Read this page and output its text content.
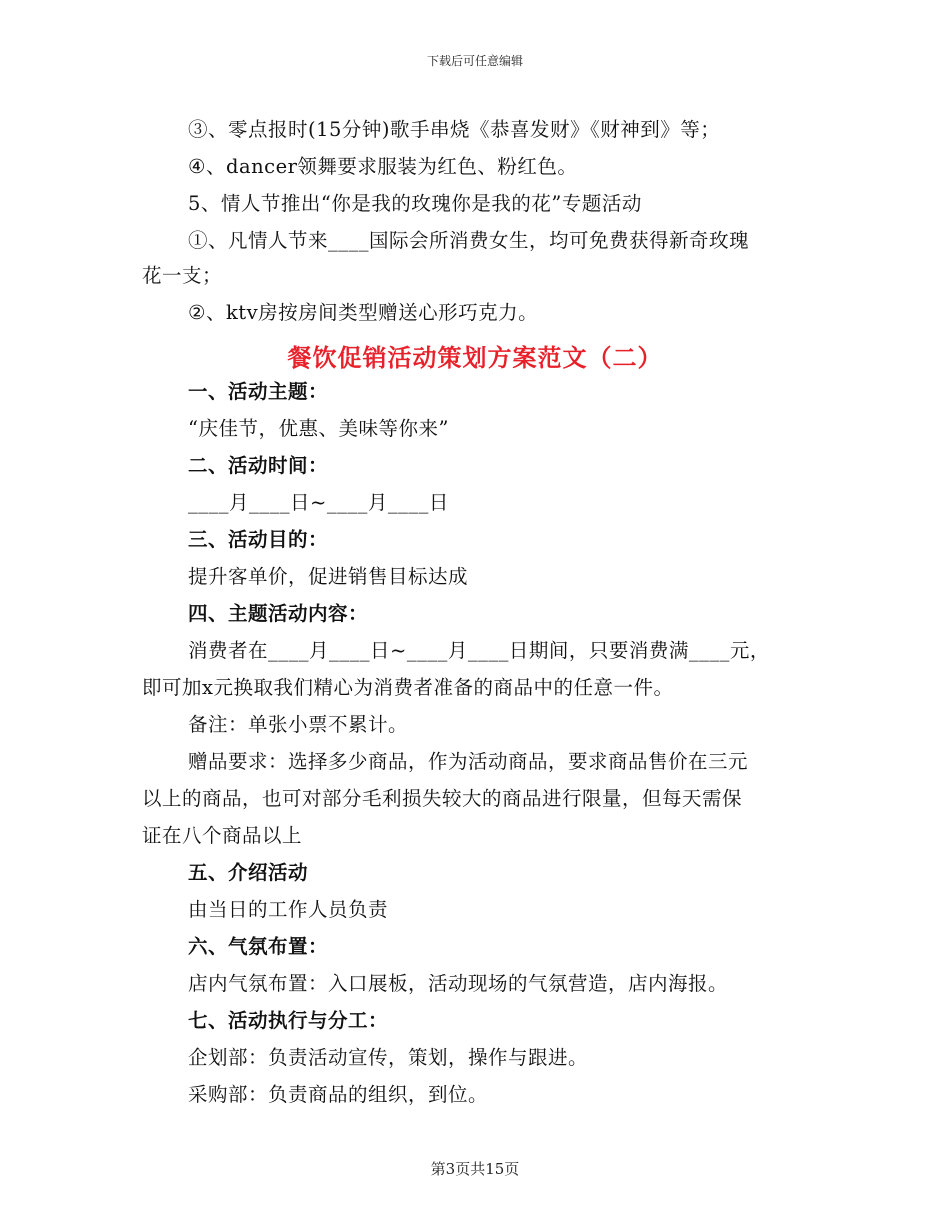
下载后可任意编辑
③、零点报时(15分钟)歌手串烧《恭喜发财》《财神到》等；
④、dancer领舞要求服装为红色、粉红色。
5、情人节推出“你是我的玫瑰你是我的花”专题活动
①、凡情人节来____国际会所消费女生，均可免费获得新奇玫瑰
花一支；
②、ktv房按房间类型赠送心形巧克力。
餐饮促销活动策划方案范文（二）
一、活动主题：
“庆佳节，优惠、美味等你来”
二、活动时间：
____月____日~____月____日
三、活动目的：
提升客单价，促进销售目标达成
四、主题活动内容：
消费者在____月____日~____月____日期间，只要消费满____元，
即可加x元换取我们精心为消费者准备的商品中的任意一件。
备注：单张小票不累计。
赠品要求：选择多少商品，作为活动商品，要求商品售价在三元
以上的商品，也可对部分毛利损失较大的商品进行限量，但每天需保
证在八个商品以上
五、介绍活动
由当日的工作人员负责
六、气氛布置：
店内气氛布置：入口展板，活动现场的气氛营造，店内海报。
七、活动执行与分工：
企划部：负责活动宣传，策划，操作与跟进。
采购部：负责商品的组织，到位。
第3页共15页
